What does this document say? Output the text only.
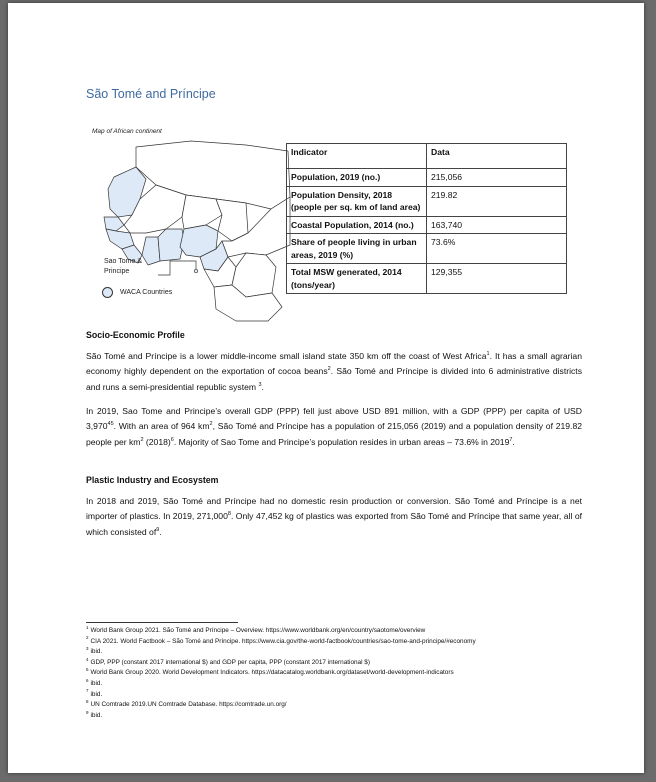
São Tomé and Príncipe
Map of African continent
Sao Tome &
Principe
WACA Countries
Indicator	Data
Population, 2019 (no.)	215,056
Population Density, 2018 (people per sq. km of land area)	219.82
Coastal Population, 2014 (no.)	163,740
Share of people living in urban areas, 2019 (%)	73.6%
Total MSW generated, 2014 (tons/year)	129,355
Socio-Economic Profile
São Tomé and Príncipe is a lower middle-income small island state 350 km off the coast of West Africa$^1$. It has a small agrarian economy highly dependent on the exportation of cocoa beans$^2$. São Tomé and Príncipe is divided into 6 administrative districts and runs a semi-presidential republic system $^3$.
In 2019, Sao Tome and Principe’s overall GDP (PPP) fell just above USD 891 million, with a GDP (PPP) per capita of USD 3,970$^{45}$. With an area of 964 $km^2$, São Tomé and Príncipe has a population of 215,056 (2019) and a population density of 219.82 people per $km^2$ $(2018)^6$. Majority of Sao Tome and Principe’s population resides in urban areas – 73.6% in 2019$^7$.
Plastic Industry and Ecosystem
In 2018 and 2019, São Tomé and Príncipe had no domestic resin production or conversion. São Tomé and Príncipe is a net importer of plastics. In 2019, 271,000$^8$. Only 47,452 kg of plastics was exported from São Tomé and Príncipe that same year, all of which consisted $of^9$.
$^1$ World Bank Group 2021. São Tomé and Príncipe – Overview. https://www.worldbank.org/en/country/saotome/overview
$^2$ CIA 2021. World Factbook – São Tomé and Príncipe. https://www.cia.gov/the-world-factbook/countries/sao-tome-and-principe/#economy
$^3$ ibid.
$^4$ GDP, PPP (constant 2017 international $) and GDP per capita, PPP (constant 2017 international $)
$^5$ World Bank Group 2020. World Development Indicators. https://datacatalog.worldbank.org/dataset/world-development-indicators
$^6$ ibid.
$^7$ ibid.
$^8$ UN Comtrade 2019.UN Comtrade Database. https://comtrade.un.org/
$^9$ ibid.
